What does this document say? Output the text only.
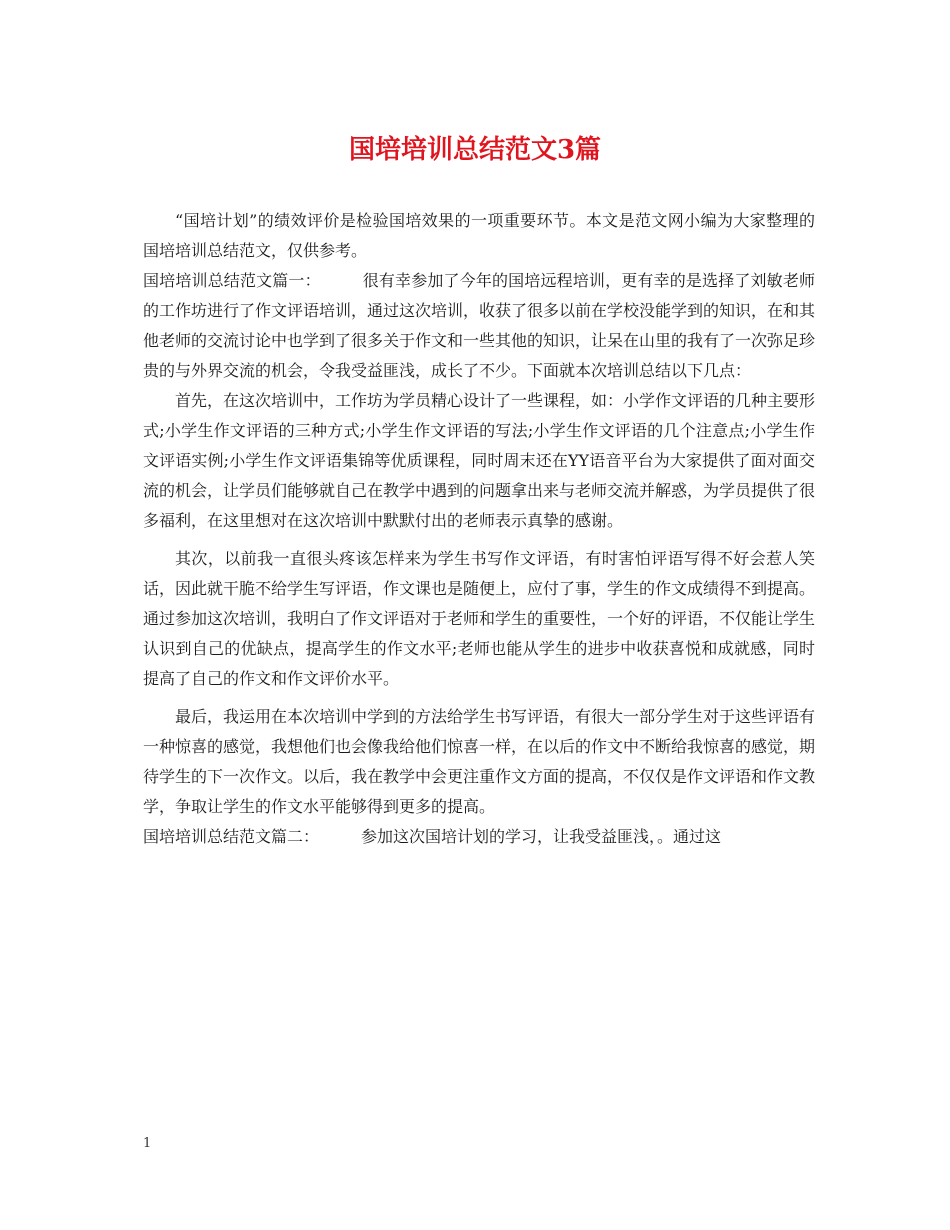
国培培训总结范文3篇

“国培计划”的绩效评价是检验国培效果的一项重要环节。本文是范文网小编为大家整理的国培培训总结范文，仅供参考。

国培培训总结范文篇一：	很有幸参加了今年的国培远程培训，更有幸的是选择了刘敏老师的工作坊进行了作文评语培训，通过这次培训，收获了很多以前在学校没能学到的知识，在和其他老师的交流讨论中也学到了很多关于作文和一些其他的知识，让呆在山里的我有了一次弥足珍贵的与外界交流的机会，令我受益匪浅，成长了不少。下面就本次培训总结以下几点：

首先，在这次培训中，工作坊为学员精心设计了一些课程，如：小学作文评语的几种主要形式;小学生作文评语的三种方式;小学生作文评语的写法;小学生作文评语的几个注意点;小学生作文评语实例;小学生作文评语集锦等优质课程，同时周末还在YY语音平台为大家提供了面对面交流的机会，让学员们能够就自己在教学中遇到的问题拿出来与老师交流并解惑，为学员提供了很多福利，在这里想对在这次培训中默默付出的老师表示真挚的感谢。

其次，以前我一直很头疼该怎样来为学生书写作文评语，有时害怕评语写得不好会惹人笑话，因此就干脆不给学生写评语，作文课也是随便上，应付了事，学生的作文成绩得不到提高。通过参加这次培训，我明白了作文评语对于老师和学生的重要性，一个好的评语，不仅能让学生认识到自己的优缺点，提高学生的作文水平;老师也能从学生的进步中收获喜悦和成就感，同时提高了自己的作文和作文评价水平。

最后，我运用在本次培训中学到的方法给学生书写评语，有很大一部分学生对于这些评语有一种惊喜的感觉，我想他们也会像我给他们惊喜一样，在以后的作文中不断给我惊喜的感觉，期待学生的下一次作文。以后，我在教学中会更注重作文方面的提高，不仅仅是作文评语和作文教学，争取让学生的作文水平能够得到更多的提高。

国培培训总结范文篇二：	参加这次国培计划的学习，让我受益匪浅，。通过这

1
